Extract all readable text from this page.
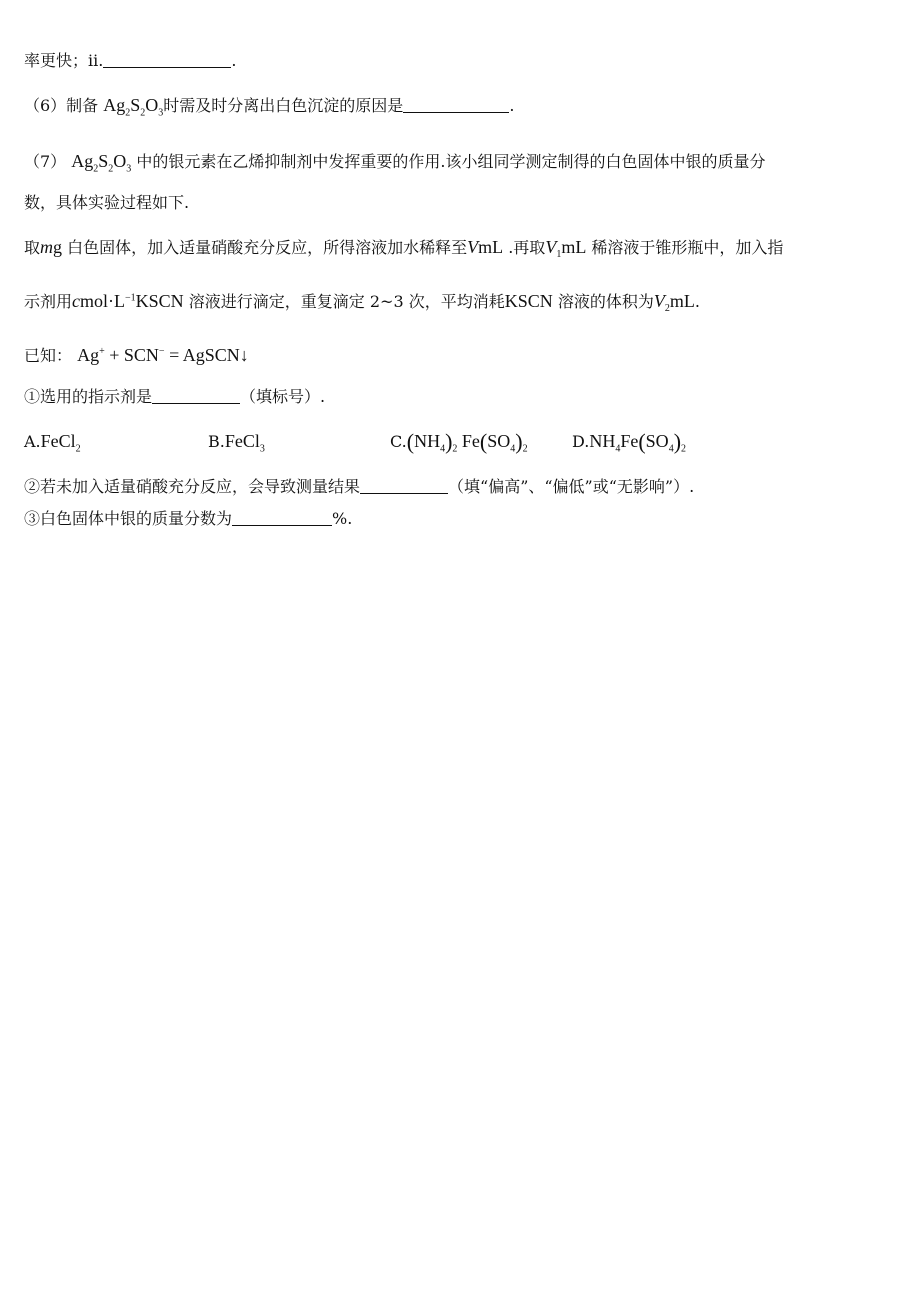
率更快；ii.	.
（6）制备 $Ag_2S_2O_3$时需及时分离出白色沉淀的原因是	.
（7） $Ag_2S_2O_3$ 中的银元素在乙烯抑制剂中发挥重要的作用.该小组同学测定制得的白色固体中银的质量分
数，具体实验过程如下.
取mg 白色固体，加入适量硝酸充分反应，所得溶液加水稀释至VmL .再取$V_1mL$ 稀溶液于锥形瓶中，加入指
示剂用$cmol\cdot L^{-1}KSCN$ 溶液进行滴定，重复滴定 2~3 次，平均消耗KSCN 溶液的体积为$V_2mL$.
已知： Ag+ + SCN− = AgSCN↓
①选用的指示剂是	（填标号）.
A.FeCl$_2$	B.FeCl$_3$	$C.(NH_4)_2$ $Fe(SO_4)_2$	$D.NH_4Fe(SO_4)_2$
②若未加入适量硝酸充分反应，会导致测量结果	（填“偏高”、“偏低”或“无影响”）.
③白色固体中银的质量分数为	%.
